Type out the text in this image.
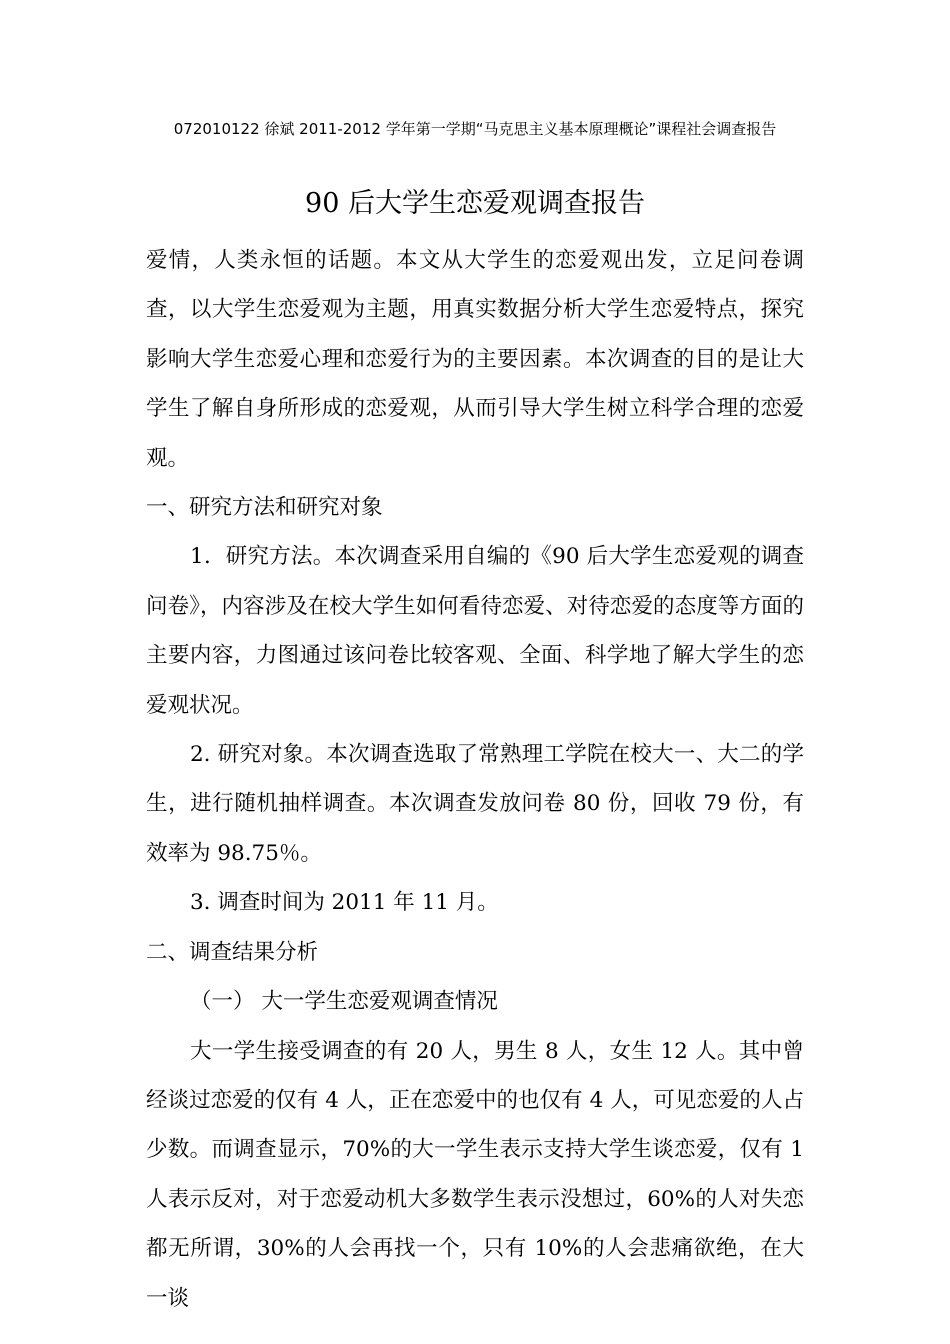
072010122 徐斌 2011-2012 学年第一学期“马克思主义基本原理概论”课程社会调查报告
90 后大学生恋爱观调查报告

爱情，人类永恒的话题。本文从大学生的恋爱观出发，立足问卷调查，以大学生恋爱观为主题，用真实数据分析大学生恋爱特点，探究影响大学生恋爱心理和恋爱行为的主要因素。本次调查的目的是让大学生了解自身所形成的恋爱观，从而引导大学生树立科学合理的恋爱观。

一、研究方法和研究对象

1．研究方法。本次调查采用自编的《90 后大学生恋爱观的调查问卷》，内容涉及在校大学生如何看待恋爱、对待恋爱的态度等方面的主要内容，力图通过该问卷比较客观、全面、科学地了解大学生的恋爱观状况。

2. 研究对象。本次调查选取了常熟理工学院在校大一、大二的学生，进行随机抽样调查。本次调查发放问卷 80 份，回收 79 份，有效率为 98.75％。

3. 调查时间为 2011 年 11 月。

二、调查结果分析

（一） 大一学生恋爱观调查情况

大一学生接受调查的有 20 人，男生 8 人，女生 12 人。其中曾经谈过恋爱的仅有 4 人，正在恋爱中的也仅有 4 人，可见恋爱的人占少数。而调查显示，70%的大一学生表示支持大学生谈恋爱，仅有 1 人表示反对，对于恋爱动机大多数学生表示没想过，60%的人对失恋都无所谓，30%的人会再找一个，只有 10%的人会悲痛欲绝，在大一谈
